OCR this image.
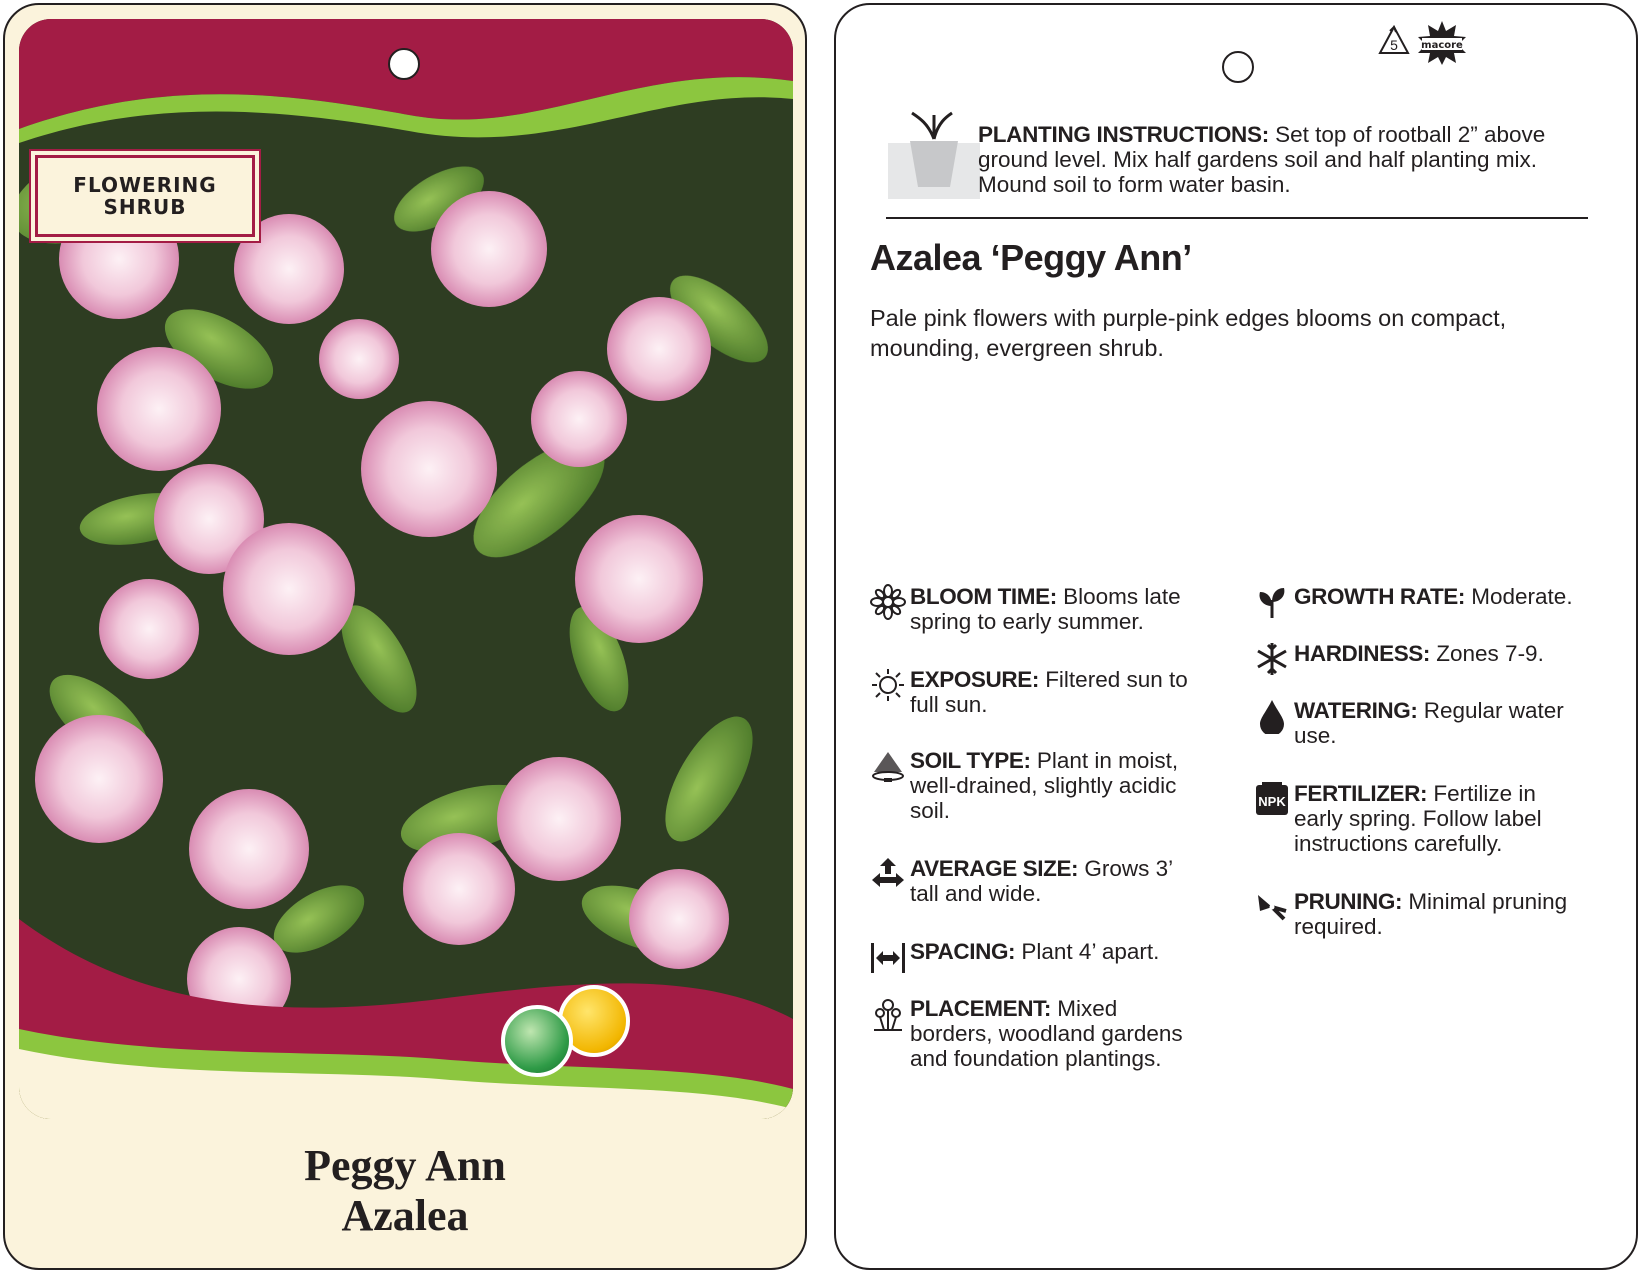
FLOWERING
SHRUB
Peggy Ann
Azalea
5 macore
PLANTING INSTRUCTIONS: Set top of rootball 2” above ground level. Mix half gardens soil and half planting mix. Mound soil to form water basin.
Azalea ‘Peggy Ann’
Pale pink flowers with purple-pink edges blooms on compact, mounding, evergreen shrub.
BLOOM TIME: Blooms late spring to early summer.
EXPOSURE: Filtered sun to full sun.
SOIL TYPE: Plant in moist, well-drained, slightly acidic soil.
AVERAGE SIZE: Grows 3’ tall and wide.
SPACING: Plant 4’ apart.
PLACEMENT: Mixed borders, woodland gardens and foundation plantings.
GROWTH RATE: Moderate.
HARDINESS: Zones 7-9.
WATERING: Regular water use.
NPK FERTILIZER: Fertilize in early spring. Follow label instructions carefully.
PRUNING: Minimal pruning required.
